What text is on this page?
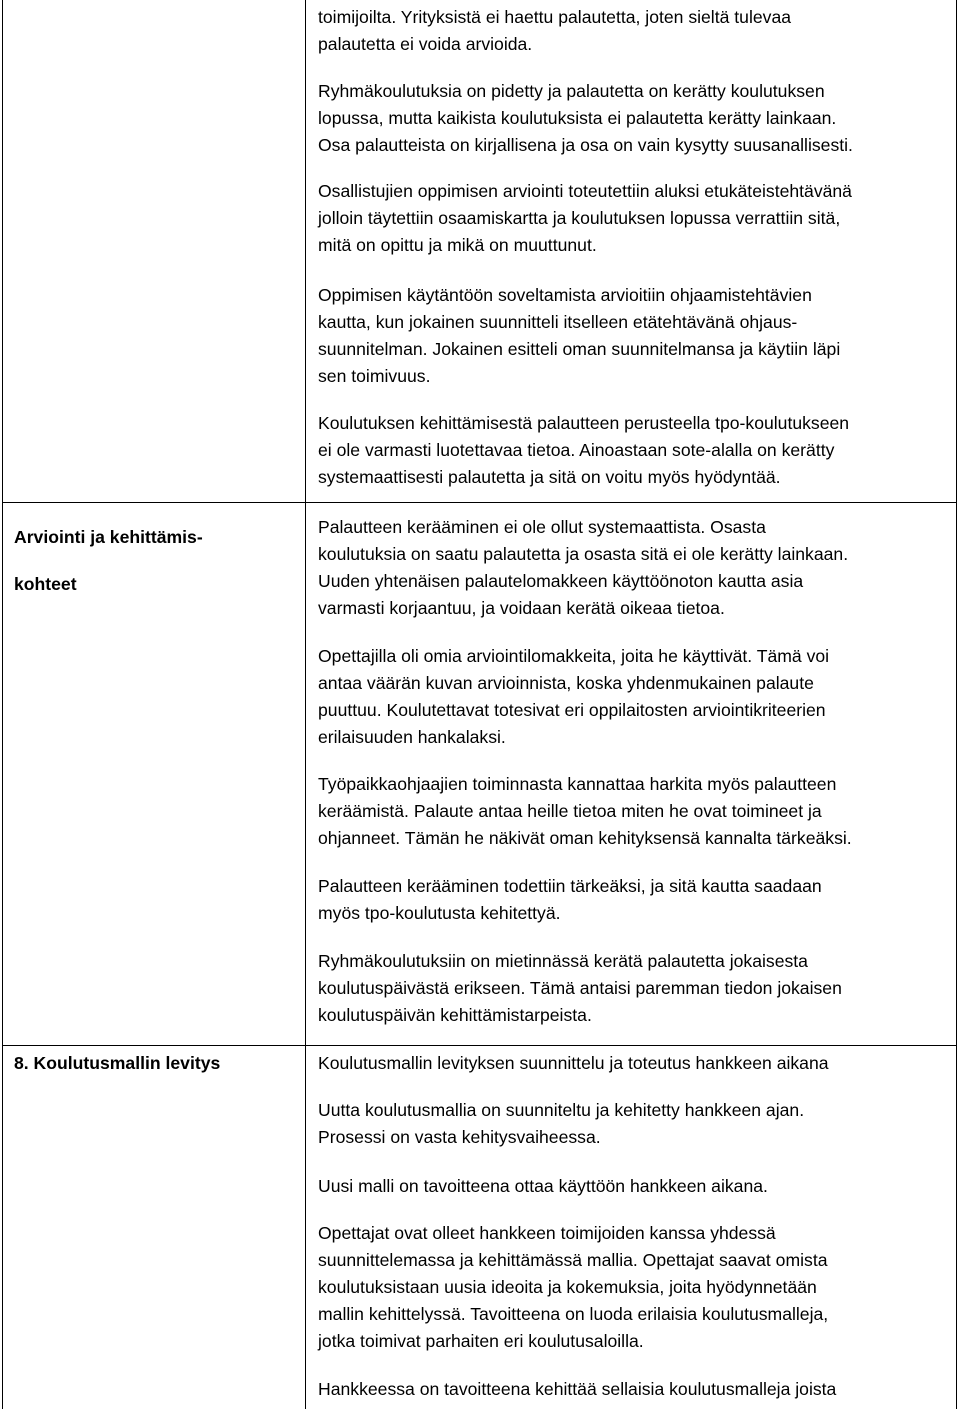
toimijoilta. Yrityksistä ei haettu palautetta, joten sieltä tulevaa
palautetta ei voida arvioida.

Ryhmäkoulutuksia on pidetty ja palautetta on kerätty koulutuksen
lopussa, mutta kaikista koulutuksista ei palautetta kerätty lainkaan.
Osa palautteista on kirjallisena ja osa on vain kysytty suusanallisesti.

Osallistujien oppimisen arviointi toteutettiin aluksi etukäteistehtävänä
jolloin täytettiin osaamiskartta ja koulutuksen lopussa verrattiin sitä,
mitä on opittu ja mikä on muuttunut.

Oppimisen käytäntöön soveltamista arvioitiin ohjaamistehtävien
kautta, kun jokainen suunnitteli itselleen etätehtävänä ohjaus-
suunnitelman. Jokainen esitteli oman suunnitelmansa ja käytiin läpi
sen toimivuus.

Koulutuksen kehittämisestä palautteen perusteella tpo-koulutukseen
ei ole varmasti luotettavaa tietoa. Ainoastaan sote-alalla on kerätty
systemaattisesti palautetta ja sitä on voitu myös hyödyntää.

Arviointi ja kehittämis-
kohteet

Palautteen kerääminen ei ole ollut systemaattista. Osasta
koulutuksia on saatu palautetta ja osasta sitä ei ole kerätty lainkaan.
Uuden yhtenäisen palautelomakkeen käyttöönoton kautta asia
varmasti korjaantuu, ja voidaan kerätä oikeaa tietoa.

Opettajilla oli omia arviointilomakkeita, joita he käyttivät. Tämä voi
antaa väärän kuvan arvioinnista, koska yhdenmukainen palaute
puuttuu. Koulutettavat totesivat eri oppilaitosten arviointikriteerien
erilaisuuden hankalaksi.

Työpaikkaohjaajien toiminnasta kannattaa harkita myös palautteen
keräämistä. Palaute antaa heille tietoa miten he ovat toimineet ja
ohjanneet. Tämän he näkivät oman kehityksensä kannalta tärkeäksi.

Palautteen kerääminen todettiin tärkeäksi, ja sitä kautta saadaan
myös tpo-koulutusta kehitettyä.

Ryhmäkoulutuksiin on mietinnässä kerätä palautetta jokaisesta
koulutuspäivästä erikseen. Tämä antaisi paremman tiedon jokaisen
koulutuspäivän kehittämistarpeista.

8. Koulutusmallin levitys	Koulutusmallin levityksen suunnittelu ja toteutus hankkeen aikana

Uutta koulutusmallia on suunniteltu ja kehitetty hankkeen ajan.
Prosessi on vasta kehitysvaiheessa.

Uusi malli on tavoitteena ottaa käyttöön hankkeen aikana.

Opettajat ovat olleet hankkeen toimijoiden kanssa yhdessä
suunnittelemassa ja kehittämässä mallia. Opettajat saavat omista
koulutuksistaan uusia ideoita ja kokemuksia, joita hyödynnetään
mallin kehittelyssä. Tavoitteena on luoda erilaisia koulutusmalleja,
jotka toimivat parhaiten eri koulutusaloilla.

Hankkeessa on tavoitteena kehittää sellaisia koulutusmalleja joista
